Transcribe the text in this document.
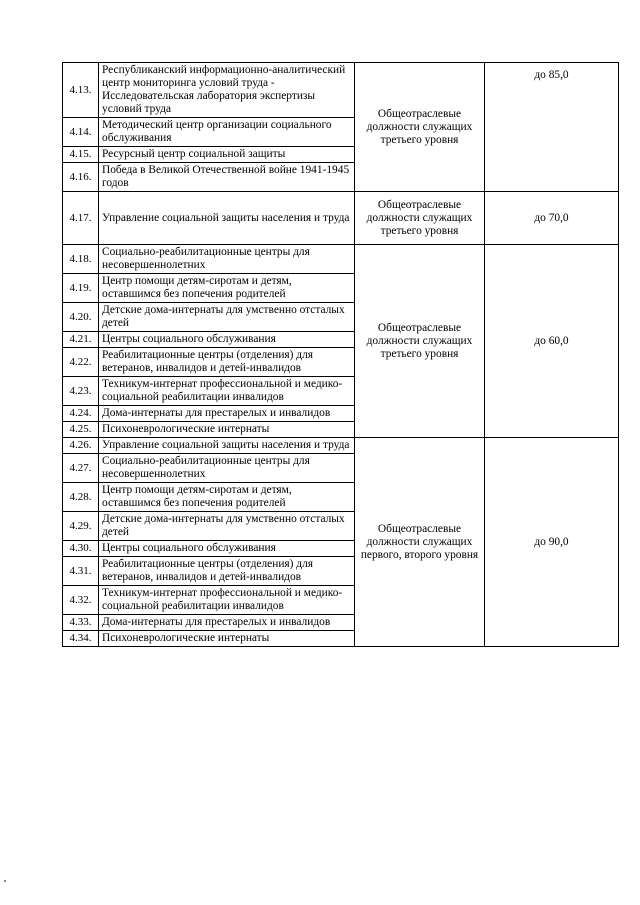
4.13.	Республиканский информационно-аналитический центр мониторинга условий труда - Исследовательская лаборатория экспертизы условий труда	Общеотраслевые должности служащих третьего уровня	до 85,0
4.14.	Методический центр организации социального обслуживания		
4.15.	Ресурсный центр социальной защиты		
4.16.	Победа в Великой Отечественной войне 1941-1945 годов		
4.17.	Управление социальной защиты населения и труда	Общеотраслевые должности служащих третьего уровня	до 70,0
4.18.	Социально-реабилитационные центры для несовершеннолетних	Общеотраслевые должности служащих третьего уровня	до 60,0
4.19.	Центр помощи детям-сиротам и детям, оставшимся без попечения родителей		
4.20.	Детские дома-интернаты для умственно отсталых детей		
4.21.	Центры социального обслуживания		
4.22.	Реабилитационные центры (отделения) для ветеранов, инвалидов и детей-инвалидов		
4.23.	Техникум-интернат профессиональной и медико-социальной реабилитации инвалидов		
4.24.	Дома-интернаты для престарелых и инвалидов		
4.25.	Психоневрологические интернаты		
4.26.	Управление социальной защиты населения и труда	Общеотраслевые должности служащих первого, второго уровня	до 90,0
4.27.	Социально-реабилитационные центры для несовершеннолетних		
4.28.	Центр помощи детям-сиротам и детям, оставшимся без попечения родителей		
4.29.	Детские дома-интернаты для умственно отсталых детей		
4.30.	Центры социального обслуживания		
4.31.	Реабилитационные центры (отделения) для ветеранов, инвалидов и детей-инвалидов		
4.32.	Техникум-интернат профессиональной и медико-социальной реабилитации инвалидов		
4.33.	Дома-интернаты для престарелых и инвалидов		
4.34.	Психоневрологические интернаты		
